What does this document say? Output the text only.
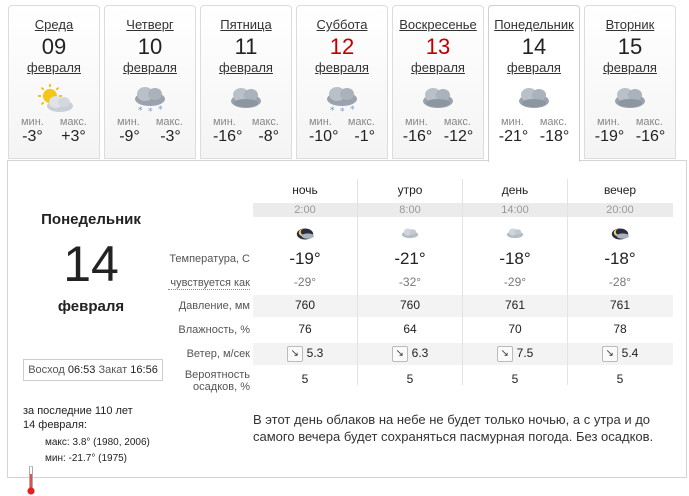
Среда
09
февраля
мин. макс.
-3° +3°
Четверг
10
февраля
* * *
мин. макс.
-9° -3°
Пятница
11
февраля
мин. макс.
-16° -8°
Суббота
12
февраля
* * *
мин. макс.
-10° -1°
Воскресенье
13
февраля
мин. макс.
-16° -12°
Понедельник
14
февраля
мин. макс.
-21° -18°
Вторник
15
февраля
мин. макс.
-19° -16°
Понедельник
14
февраля
Восход 06:53 Закат 16:56
за последние 110 лет
14 февраля:
макс: 3.8° (1980, 2006)
мин: -21.7° (1975)
Температура, С
чувствуется как
Давление, мм
Влажность, %
Ветер, м/сек
Вероятность
осадков, %
ночь
2:00
-19°
-29°
760
76
↘ 5.3
5
утро
8:00
-21°
-32°
760
64
↘ 6.3
5
день
14:00
-18°
-29°
761
70
↘ 7.5
5
вечер
20:00
-18°
-28°
761
78
↘ 5.4
5
В этот день облаков на небе не будет только ночью, а с утра и до самого вечера будет сохраняться пасмурная погода. Без осадков.
